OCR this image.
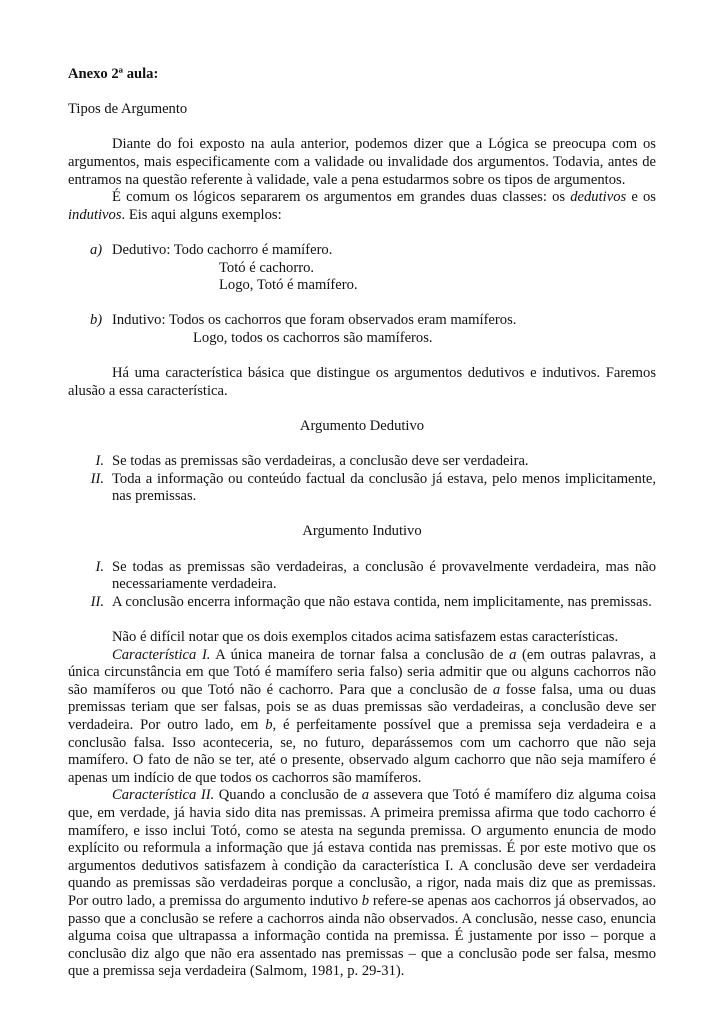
Anexo 2ª aula:

Tipos de Argumento

Diante do foi exposto na aula anterior, podemos dizer que a Lógica se preocupa com os argumentos, mais especificamente com a validade ou invalidade dos argumentos. Todavia, antes de entramos na questão referente à validade, vale a pena estudarmos sobre os tipos de argumentos.

É comum os lógicos separarem os argumentos em grandes duas classes: os dedutivos e os indutivos. Eis aqui alguns exemplos:

a) Dedutivo: Todo cachorro é mamífero.
Totó é cachorro.
Logo, Totó é mamífero.
b) Indutivo: Todos os cachorros que foram observados eram mamíferos.
Logo, todos os cachorros são mamíferos.

Há uma característica básica que distingue os argumentos dedutivos e indutivos. Faremos alusão a essa característica.

Argumento Dedutivo

I. Se todas as premissas são verdadeiras, a conclusão deve ser verdadeira.
II. Toda a informação ou conteúdo factual da conclusão já estava, pelo menos implicitamente, nas premissas.

Argumento Indutivo

I. Se todas as premissas são verdadeiras, a conclusão é provavelmente verdadeira, mas não necessariamente verdadeira.
II. A conclusão encerra informação que não estava contida, nem implicitamente, nas premissas.

Não é difícil notar que os dois exemplos citados acima satisfazem estas características.

Característica I. A única maneira de tornar falsa a conclusão de a (em outras palavras, a única circunstância em que Totó é mamífero seria falso) seria admitir que ou alguns cachorros não são mamíferos ou que Totó não é cachorro. Para que a conclusão de a fosse falsa, uma ou duas premissas teriam que ser falsas, pois se as duas premissas são verdadeiras, a conclusão deve ser verdadeira. Por outro lado, em b, é perfeitamente possível que a premissa seja verdadeira e a conclusão falsa. Isso aconteceria, se, no futuro, deparássemos com um cachorro que não seja mamífero. O fato de não se ter, até o presente, observado algum cachorro que não seja mamífero é apenas um indício de que todos os cachorros são mamíferos.

Característica II. Quando a conclusão de a assevera que Totó é mamífero diz alguma coisa que, em verdade, já havia sido dita nas premissas. A primeira premissa afirma que todo cachorro é mamífero, e isso inclui Totó, como se atesta na segunda premissa. O argumento enuncia de modo explícito ou reformula a informação que já estava contida nas premissas. É por este motivo que os argumentos dedutivos satisfazem à condição da característica I. A conclusão deve ser verdadeira quando as premissas são verdadeiras porque a conclusão, a rigor, nada mais diz que as premissas. Por outro lado, a premissa do argumento indutivo b refere-se apenas aos cachorros já observados, ao passo que a conclusão se refere a cachorros ainda não observados. A conclusão, nesse caso, enuncia alguma coisa que ultrapassa a informação contida na premissa. É justamente por isso – porque a conclusão diz algo que não era assentado nas premissas – que a conclusão pode ser falsa, mesmo que a premissa seja verdadeira (Salmom, 1981, p. 29-31).
